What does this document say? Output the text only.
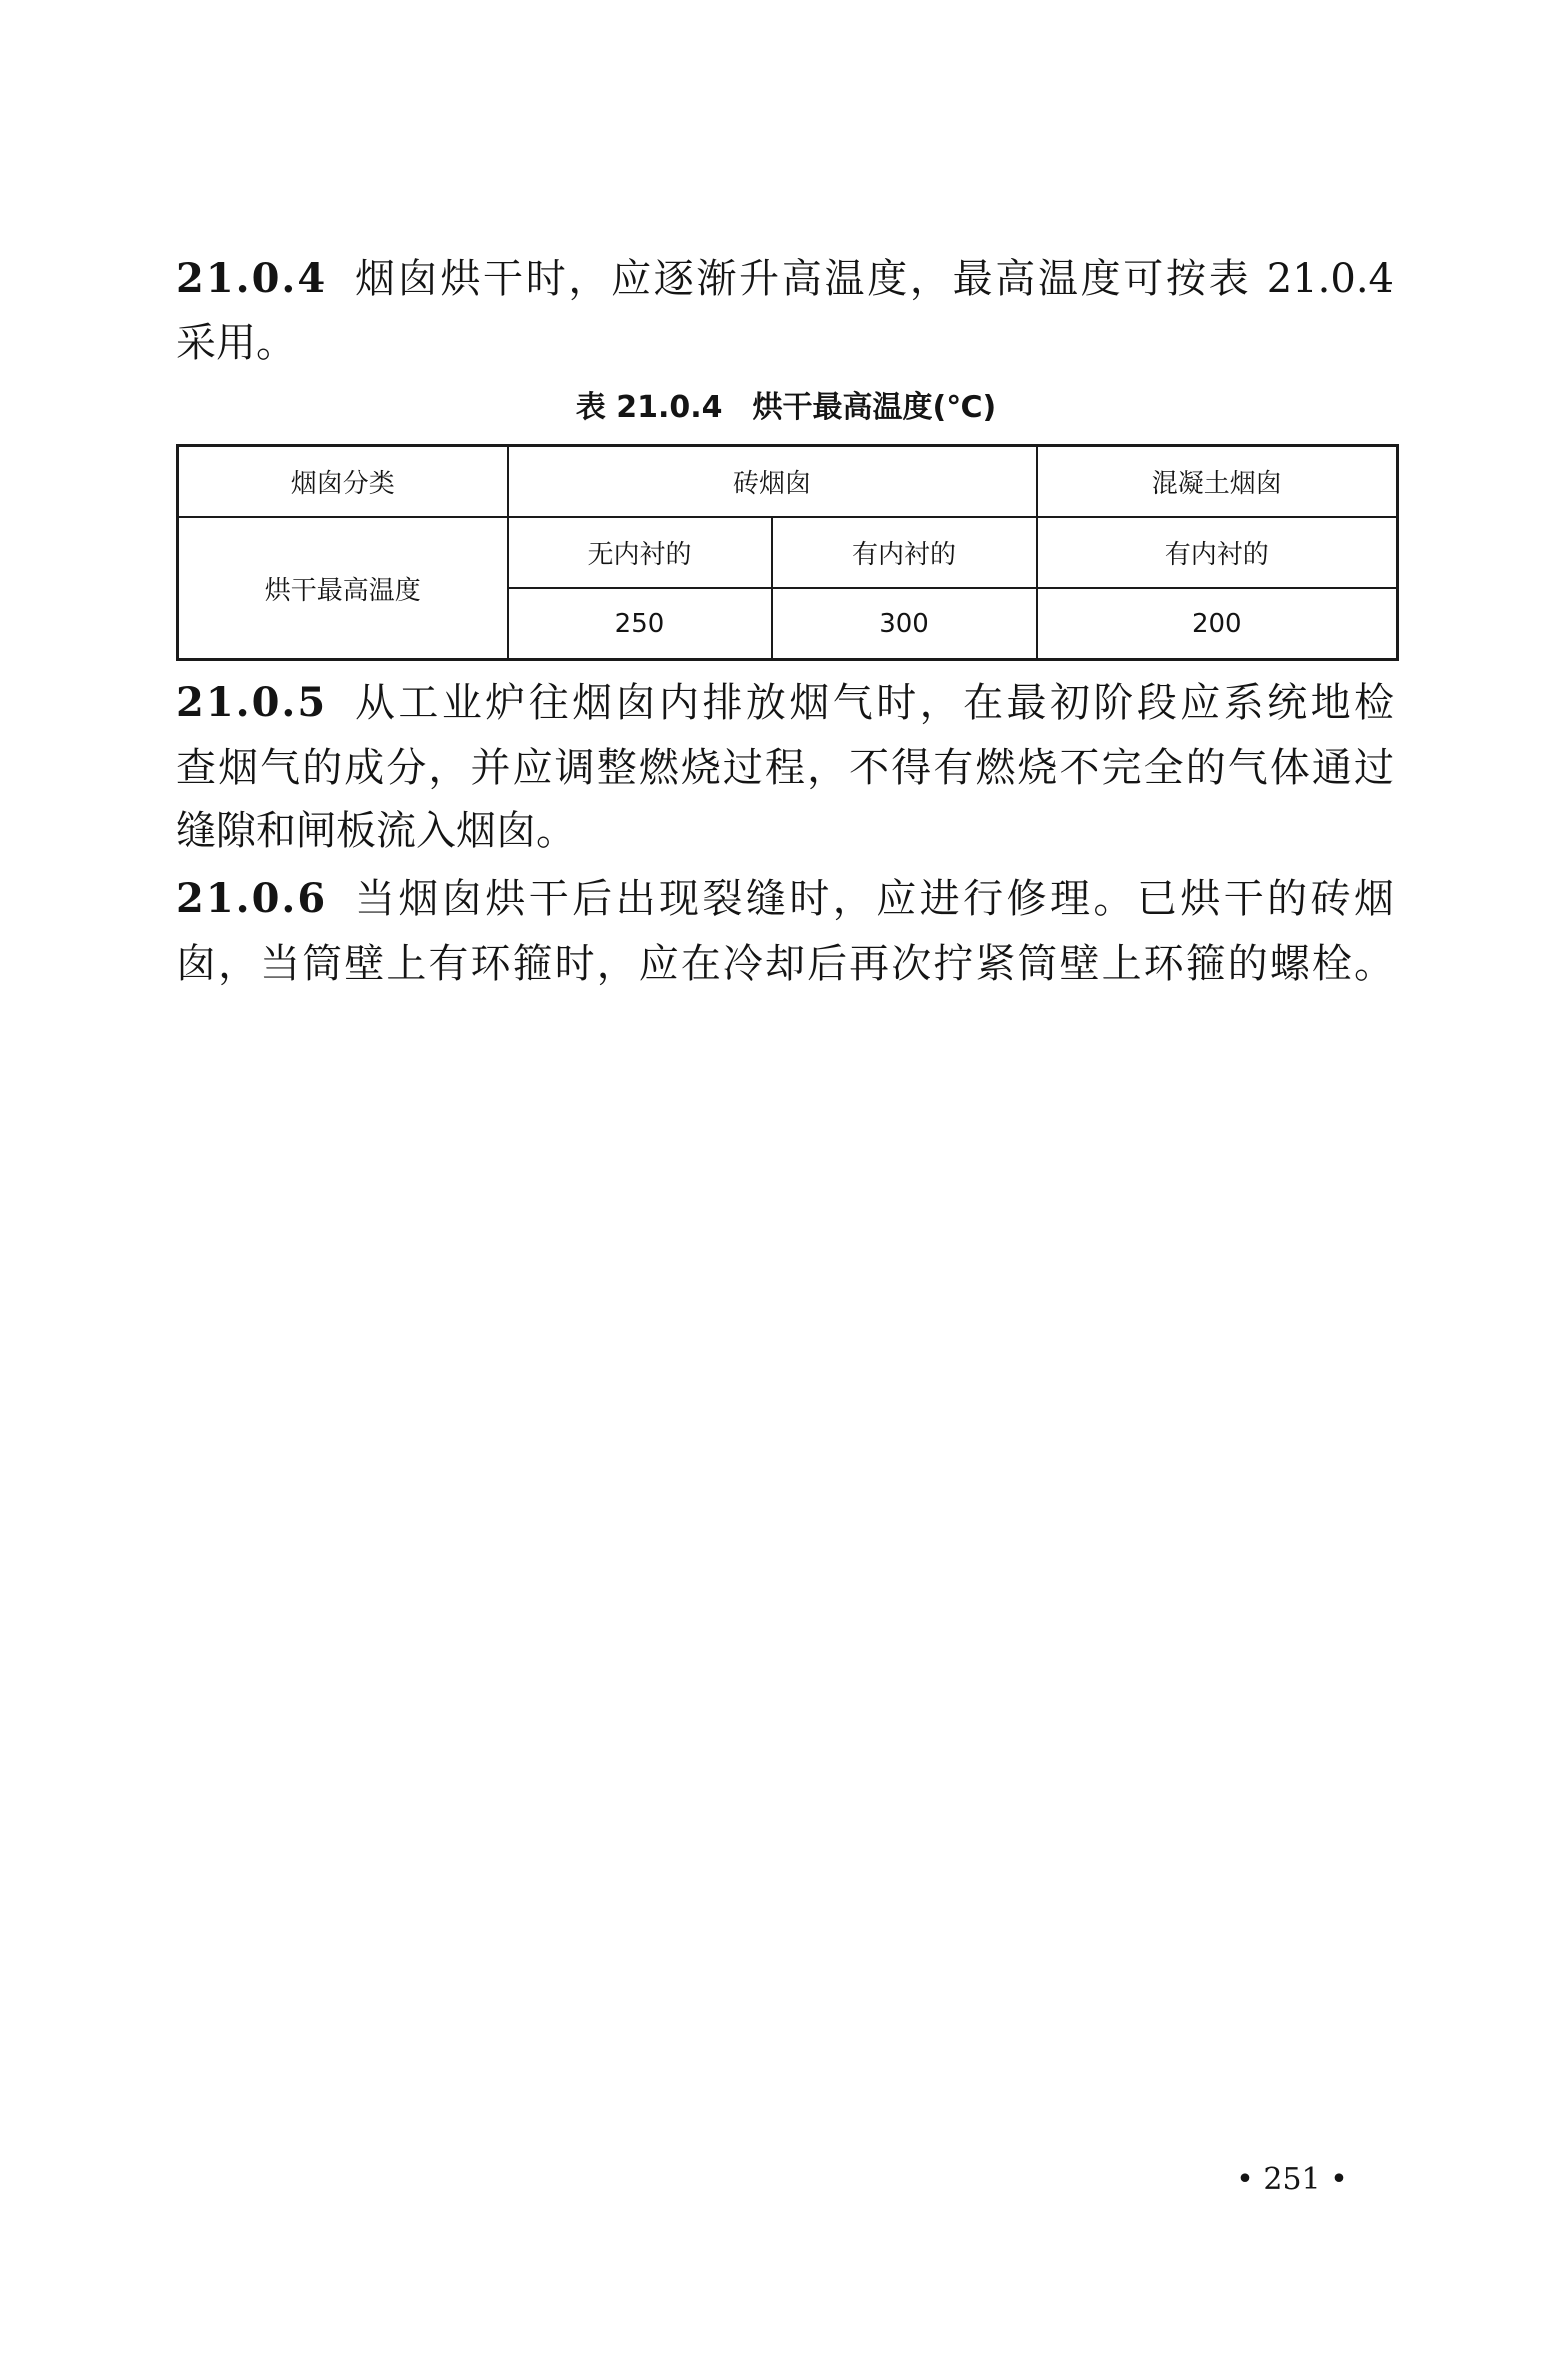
21.0.4 烟囱烘干时，应逐渐升高温度，最高温度可按表 21.0.4
采用。
表 21.0.4　烘干最高温度(℃)
烟囱分类	砖烟囱		混凝土烟囱
烘干最高温度	无内衬的	有内衬的	有内衬的
	250	300	200
21.0.5 从工业炉往烟囱内排放烟气时，在最初阶段应系统地检
查烟气的成分，并应调整燃烧过程，不得有燃烧不完全的气体通过
缝隙和闸板流入烟囱。
21.0.6 当烟囱烘干后出现裂缝时，应进行修理。已烘干的砖烟
囱，当筒壁上有环箍时，应在冷却后再次拧紧筒壁上环箍的螺栓。
• 251 •
